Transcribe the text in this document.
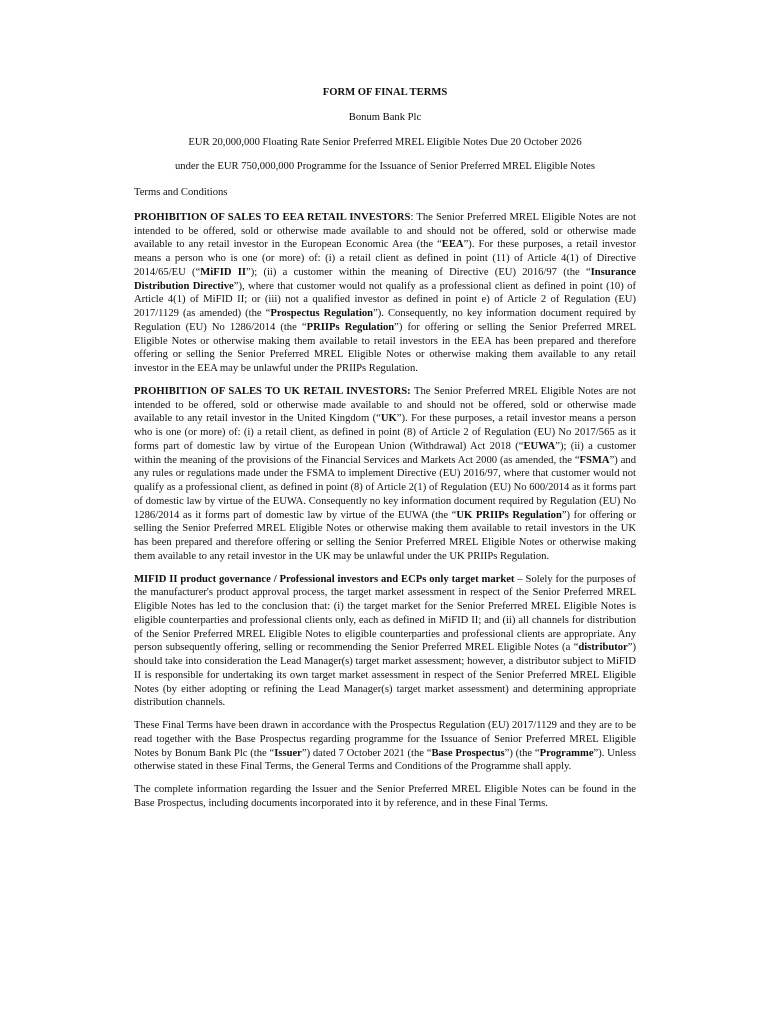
FORM OF FINAL TERMS
Bonum Bank Plc
EUR 20,000,000 Floating Rate Senior Preferred MREL Eligible Notes Due 20 October 2026
under the EUR 750,000,000 Programme for the Issuance of Senior Preferred MREL Eligible Notes
Terms and Conditions

PROHIBITION OF SALES TO EEA RETAIL INVESTORS: The Senior Preferred MREL Eligible Notes are not intended to be offered, sold or otherwise made available to and should not be offered, sold or otherwise made available to any retail investor in the European Economic Area (the “EEA”). For these purposes, a retail investor means a person who is one (or more) of: (i) a retail client as defined in point (11) of Article 4(1) of Directive 2014/65/EU (“MiFID II”); (ii) a customer within the meaning of Directive (EU) 2016/97 (the “Insurance Distribution Directive”), where that customer would not qualify as a professional client as defined in point (10) of Article 4(1) of MiFID II; or (iii) not a qualified investor as defined in point e) of Article 2 of Regulation (EU) 2017/1129 (as amended) (the “Prospectus Regulation”). Consequently, no key information document required by Regulation (EU) No 1286/2014 (the “PRIIPs Regulation”) for offering or selling the Senior Preferred MREL Eligible Notes or otherwise making them available to retail investors in the EEA has been prepared and therefore offering or selling the Senior Preferred MREL Eligible Notes or otherwise making them available to any retail investor in the EEA may be unlawful under the PRIIPs Regulation.

PROHIBITION OF SALES TO UK RETAIL INVESTORS: The Senior Preferred MREL Eligible Notes are not intended to be offered, sold or otherwise made available to and should not be offered, sold or otherwise made available to any retail investor in the United Kingdom (“UK”). For these purposes, a retail investor means a person who is one (or more) of: (i) a retail client, as defined in point (8) of Article 2 of Regulation (EU) No 2017/565 as it forms part of domestic law by virtue of the European Union (Withdrawal) Act 2018 (“EUWA”); (ii) a customer within the meaning of the provisions of the Financial Services and Markets Act 2000 (as amended, the “FSMA”) and any rules or regulations made under the FSMA to implement Directive (EU) 2016/97, where that customer would not qualify as a professional client, as defined in point (8) of Article 2(1) of Regulation (EU) No 600/2014 as it forms part of domestic law by virtue of the EUWA. Consequently no key information document required by Regulation (EU) No 1286/2014 as it forms part of domestic law by virtue of the EUWA (the “UK PRIIPs Regulation”) for offering or selling the Senior Preferred MREL Eligible Notes or otherwise making them available to retail investors in the UK has been prepared and therefore offering or selling the Senior Preferred MREL Eligible Notes or otherwise making them available to any retail investor in the UK may be unlawful under the UK PRIIPs Regulation.

MIFID II product governance / Professional investors and ECPs only target market – Solely for the purposes of the manufacturer's product approval process, the target market assessment in respect of the Senior Preferred MREL Eligible Notes has led to the conclusion that: (i) the target market for the Senior Preferred MREL Eligible Notes is eligible counterparties and professional clients only, each as defined in MiFID II; and (ii) all channels for distribution of the Senior Preferred MREL Eligible Notes to eligible counterparties and professional clients are appropriate. Any person subsequently offering, selling or recommending the Senior Preferred MREL Eligible Notes (a “distributor”) should take into consideration the Lead Manager(s) target market assessment; however, a distributor subject to MiFID II is responsible for undertaking its own target market assessment in respect of the Senior Preferred MREL Eligible Notes (by either adopting or refining the Lead Manager(s) target market assessment) and determining appropriate distribution channels.

These Final Terms have been drawn in accordance with the Prospectus Regulation (EU) 2017/1129 and they are to be read together with the Base Prospectus regarding programme for the Issuance of Senior Preferred MREL Eligible Notes by Bonum Bank Plc (the “Issuer”) dated 7 October 2021 (the “Base Prospectus”) (the “Programme”). Unless otherwise stated in these Final Terms, the General Terms and Conditions of the Programme shall apply.

The complete information regarding the Issuer and the Senior Preferred MREL Eligible Notes can be found in the Base Prospectus, including documents incorporated into it by reference, and in these Final Terms.
